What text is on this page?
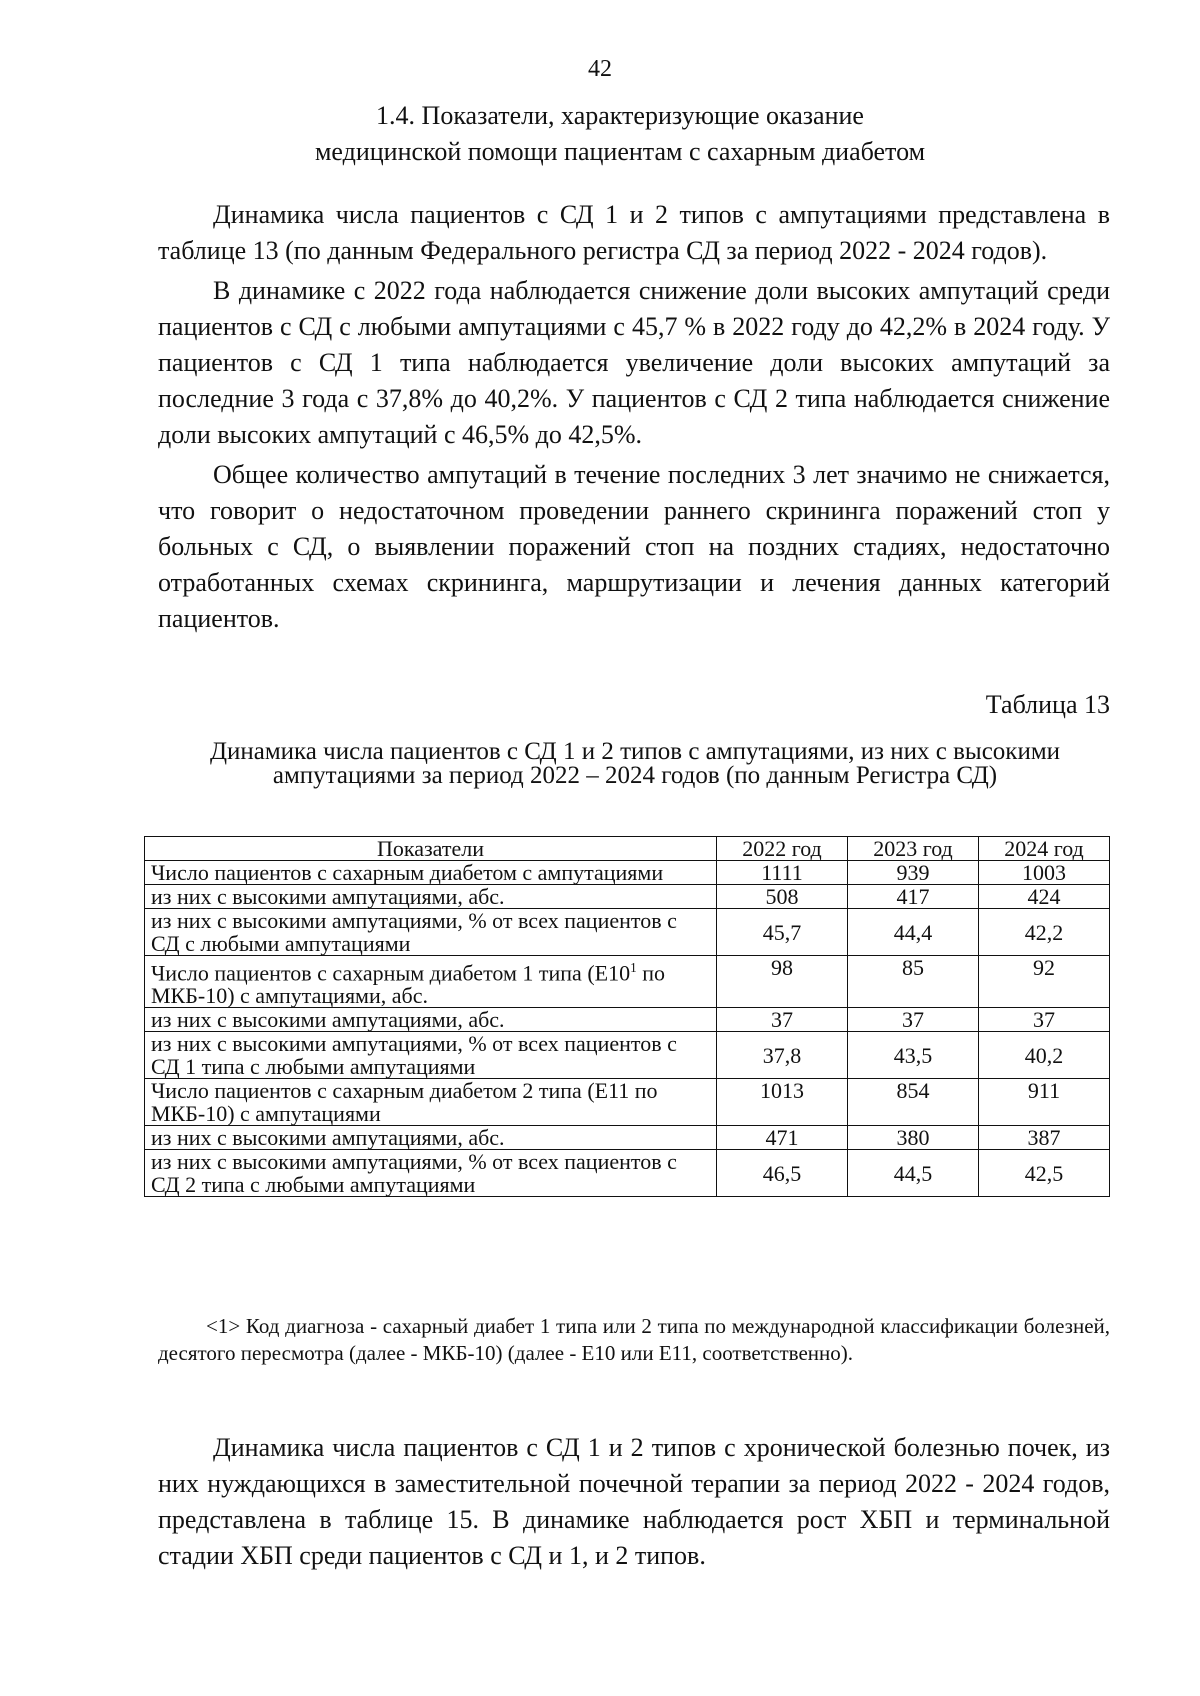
42
1.4. Показатели, характеризующие оказание
медицинской помощи пациентам с сахарным диабетом

Динамика числа пациентов с СД 1 и 2 типов с ампутациями представлена в таблице 13 (по данным Федерального регистра СД за период 2022 - 2024 годов).

В динамике с 2022 года наблюдается снижение доли высоких ампутаций среди пациентов с СД с любыми ампутациями с 45,7 % в 2022 году до 42,2% в 2024 году. У пациентов с СД 1 типа наблюдается увеличение доли высоких ампутаций за последние 3 года с 37,8% до 40,2%. У пациентов с СД 2 типа наблюдается снижение доли высоких ампутаций с 46,5% до 42,5%.

Общее количество ампутаций в течение последних 3 лет значимо не снижается, что говорит о недостаточном проведении раннего скрининга поражений стоп у больных с СД, о выявлении поражений стоп на поздних стадиях, недостаточно отработанных схемах скрининга, маршрутизации и лечения данных категорий пациентов.

Таблица 13
Динамика числа пациентов с СД 1 и 2 типов с ампутациями, из них с высокими ампутациями за период 2022 – 2024 годов (по данным Регистра СД)
Показатели	2022 год	2023 год	2024 год
Число пациентов с сахарным диабетом с ампутациями	1111	939	1003
из них с высокими ампутациями, абс.	508	417	424
из них с высокими ампутациями, % от всех пациентов с СД с любыми ампутациями	45,7	44,4	42,2
Число пациентов с сахарным диабетом 1 типа ($E10^1$ по МКБ-10) с ампутациями, абс.	98	85	92
из них с высокими ампутациями, абс.	37	37	37
из них с высокими ампутациями, % от всех пациентов с СД 1 типа с любыми ампутациями	37,8	43,5	40,2
Число пациентов с сахарным диабетом 2 типа (E11 по МКБ-10) с ампутациями	1013	854	911
из них с высокими ампутациями, абс.	471	380	387
из них с высокими ампутациями, % от всех пациентов с СД 2 типа с любыми ампутациями	46,5	44,5	42,5
<1> Код диагноза - сахарный диабет 1 типа или 2 типа по международной классификации болезней, десятого пересмотра (далее - МКБ-10) (далее - E10 или E11, соответственно).

Динамика числа пациентов с СД 1 и 2 типов с хронической болезнью почек, из них нуждающихся в заместительной почечной терапии за период 2022 - 2024 годов, представлена в таблице 15. В динамике наблюдается рост ХБП и терминальной стадии ХБП среди пациентов с СД и 1, и 2 типов.
